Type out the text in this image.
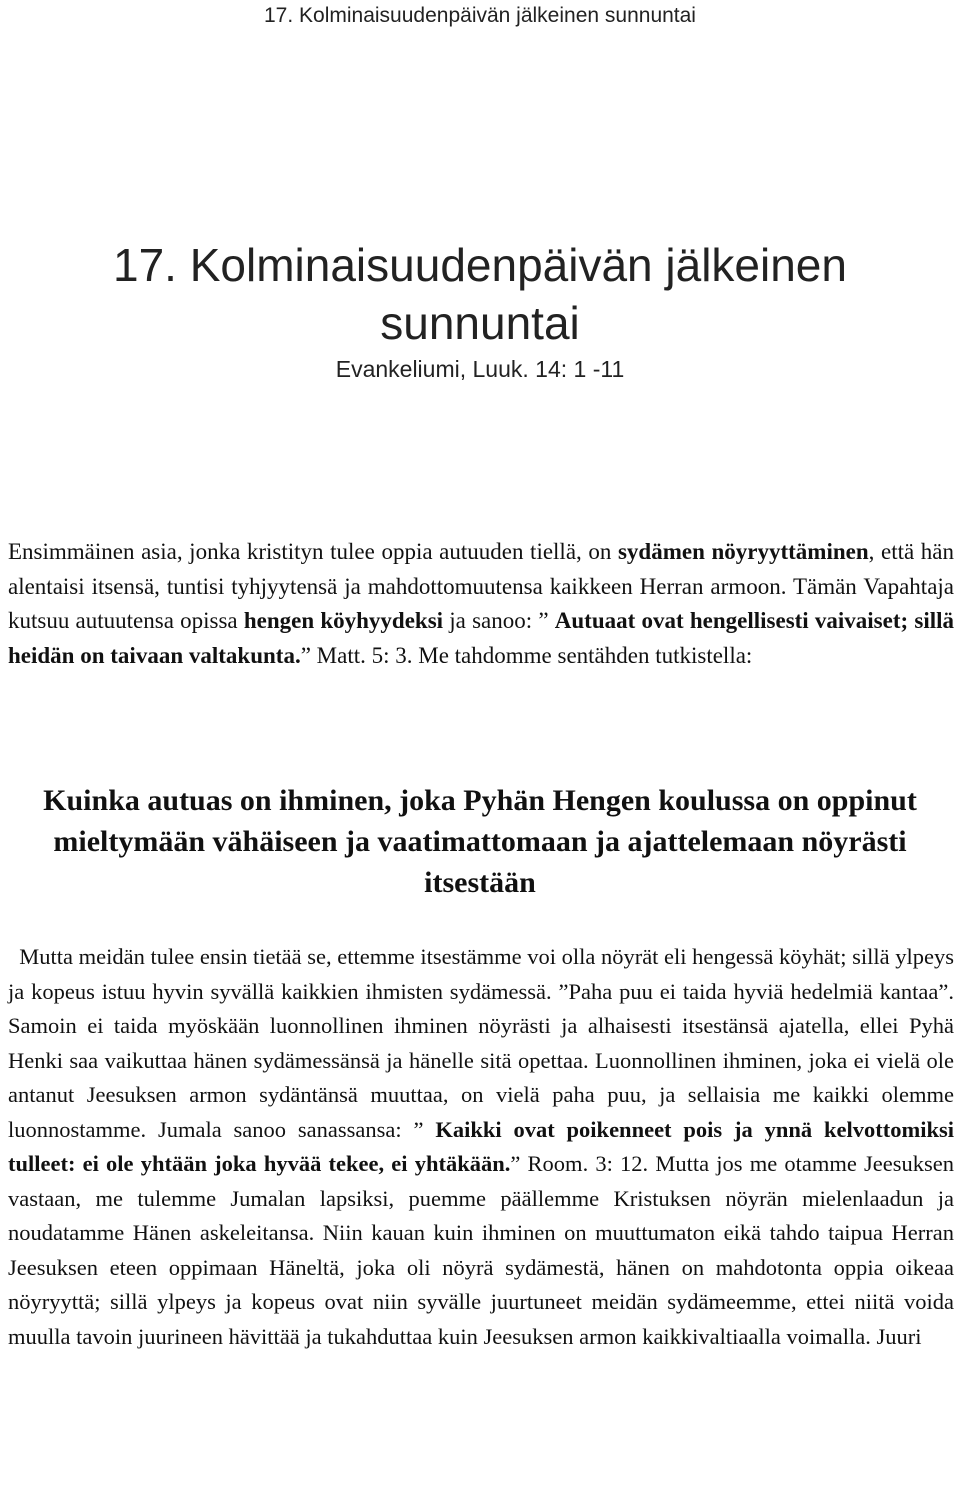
17. Kolminaisuudenpäivän jälkeinen sunnuntai
17. Kolminaisuudenpäivän jälkeinen sunnuntai
Evankeliumi, Luuk. 14: 1 -11

Ensimmäinen asia, jonka kristityn tulee oppia autuuden tiellä, on sydämen nöyryyttäminen, että hän alentaisi itsensä, tuntisi tyhjyytensä ja mahdottomuutensa kaikkeen Herran armoon. Tämän Vapahtaja kutsuu autuutensa opissa hengen köyhyydeksi ja sanoo: ” Autuaat ovat hengellisesti vaivaiset; sillä heidän on taivaan valtakunta.” Matt. 5: 3. Me tahdomme sentähden tutkistella:

Kuinka autuas on ihminen, joka Pyhän Hengen koulussa on oppinut mieltymään vähäiseen ja vaatimattomaan ja ajattelemaan nöyrästi itsestään

Mutta meidän tulee ensin tietää se, ettemme itsestämme voi olla nöyrät eli hengessä köyhät; sillä ylpeys ja kopeus istuu hyvin syvällä kaikkien ihmisten sydämessä. ”Paha puu ei taida hyviä hedelmiä kantaa”. Samoin ei taida myöskään luonnollinen ihminen nöyrästi ja alhaisesti itsestänsä ajatella, ellei Pyhä Henki saa vaikuttaa hänen sydämessänsä ja hänelle sitä opettaa. Luonnollinen ihminen, joka ei vielä ole antanut Jeesuksen armon sydäntänsä muuttaa, on vielä paha puu, ja sellaisia me kaikki olemme luonnostamme. Jumala sanoo sanassansa: ” Kaikki ovat poikenneet pois ja ynnä kelvottomiksi tulleet: ei ole yhtään joka hyvää tekee, ei yhtäkään.” Room. 3: 12. Mutta jos me otamme Jeesuksen vastaan, me tulemme Jumalan lapsiksi, puemme päällemme Kristuksen nöyrän mielenlaadun ja noudatamme Hänen askeleitansa. Niin kauan kuin ihminen on muuttumaton eikä tahdo taipua Herran Jeesuksen eteen oppimaan Häneltä, joka oli nöyrä sydämestä, hänen on mahdotonta oppia oikeaa nöyryyttä; sillä ylpeys ja kopeus ovat niin syvälle juurtuneet meidän sydämeemme, ettei niitä voida muulla tavoin juurineen hävittää ja tukahduttaa kuin Jeesuksen armon kaikkivaltiaalla voimalla. Juuri
